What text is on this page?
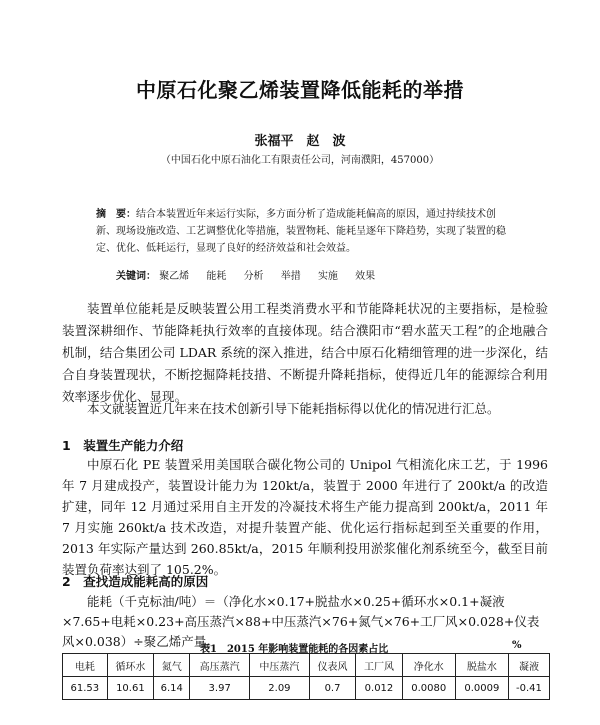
中原石化聚乙烯装置降低能耗的举措
张福平　赵　波
（中国石化中原石油化工有限责任公司，河南濮阳，457000）
摘　要：结合本装置近年来运行实际，多方面分析了造成能耗偏高的原因，通过持续技术创新、现场设施改造、工艺调整优化等措施，装置物耗、能耗呈逐年下降趋势，实现了装置的稳定、优化、低耗运行，显现了良好的经济效益和社会效益。
关键词： 聚乙烯 能耗 分析 举措 实施 效果
装置单位能耗是反映装置公用工程类消费水平和节能降耗状况的主要指标，是检验装置深耕细作、节能降耗执行效率的直接体现。结合濮阳市“碧水蓝天工程”的企地融合机制，结合集团公司 LDAR 系统的深入推进，结合中原石化精细管理的进一步深化，结合自身装置现状，不断挖掘降耗技措、不断提升降耗指标，使得近几年的能源综合利用效率逐步优化、显现。
本文就装置近几年来在技术创新引导下能耗指标得以优化的情况进行汇总。
1　装置生产能力介绍
中原石化 PE 装置采用美国联合碳化物公司的 Unipol 气相流化床工艺，于 1996 年 7 月建成投产，装置设计能力为 120kt/a，装置于 2000 年进行了 200kt/a 的改造扩建，同年 12 月通过采用自主开发的冷凝技术将生产能力提高到 200kt/a，2011 年 7 月实施 260kt/a 技术改造，对提升装置产能、优化运行指标起到至关重要的作用，2013 年实际产量达到 260.85kt/a，2015 年顺利投用淤浆催化剂系统至今，截至目前装置负荷率达到了 105.2%。
2　查找造成能耗高的原因
能耗（千克标油/吨）＝（净化水×0.17+脱盐水×0.25+循环水×0.1+凝液×7.65+电耗×0.23+高压蒸汽×88+中压蒸汽×76+氮气×76+工厂风×0.028+仪表风×0.038）÷聚乙烯产量。
表1　2015 年影响装置能耗的各因素占比	%
电耗	循环水	氮气	高压蒸汽	中压蒸汽	仪表风	工厂风	净化水	脱盐水	凝液
61.53	10.61	6.14	3.97	2.09	0.7	0.012	0.0080	0.0009	-0.41
